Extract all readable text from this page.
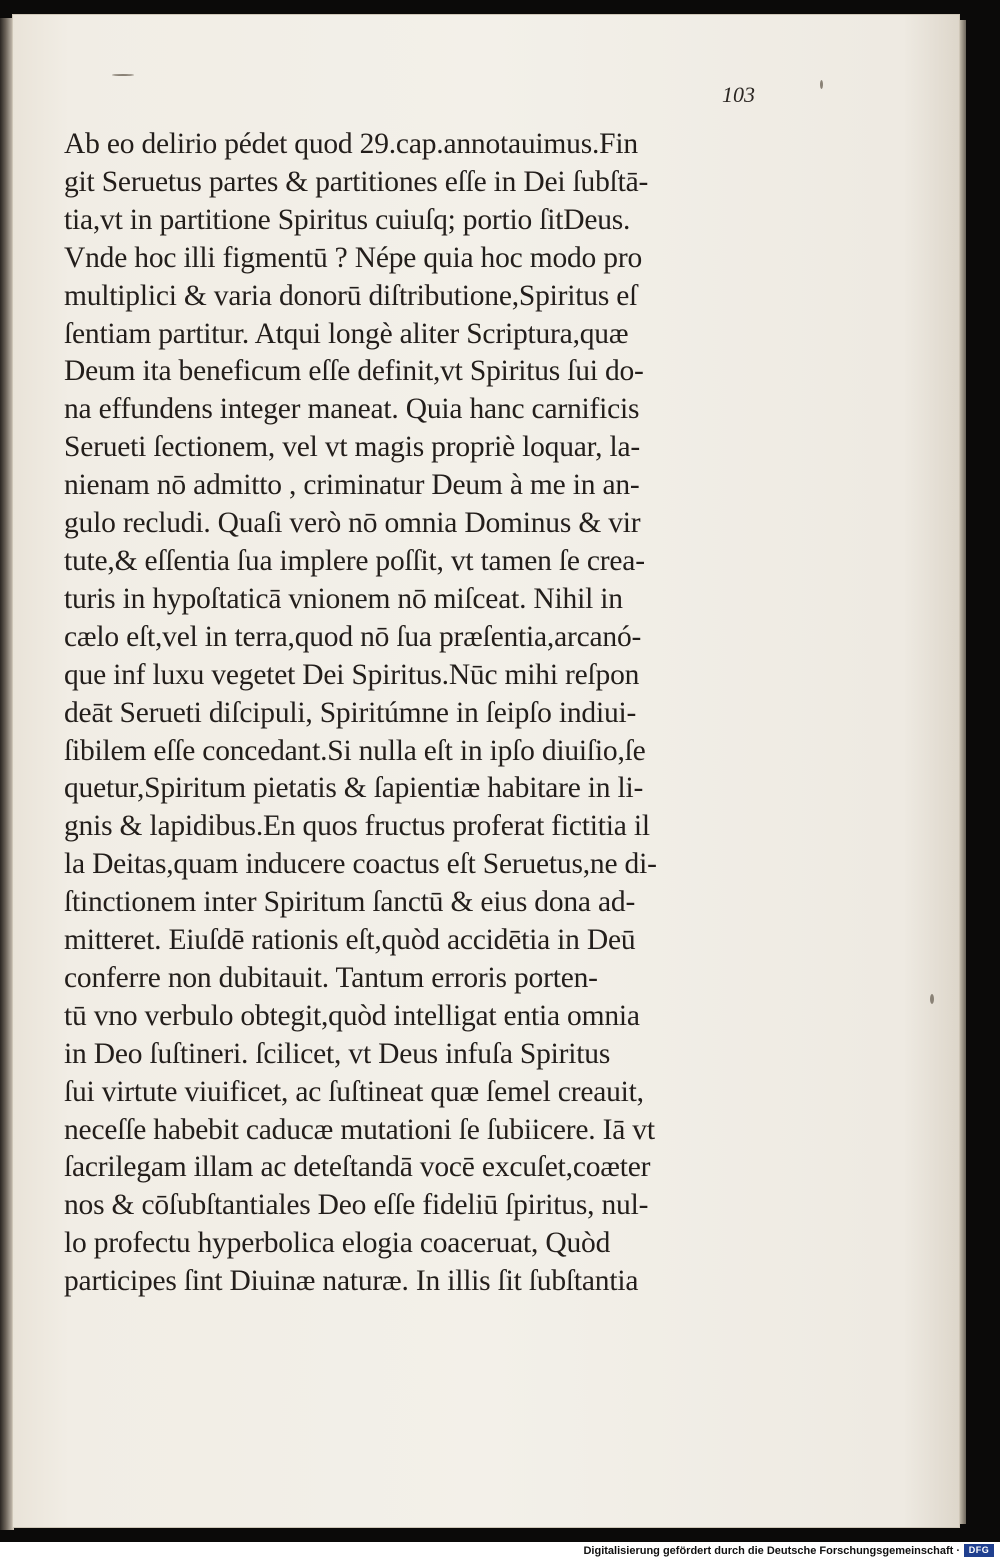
103
Ab eo delirio pédet quod 29.cap.annotauimus.Fin
git Seruetus partes & partitiones eſſe in Dei ſubſtā-
tia,vt in partitione Spiritus cuiuſq; portio ſitDeus.
Vnde hoc illi figmentū ? Népe quia hoc modo pro
multiplici & varia donorū diſtributione,Spiritus eſ
ſentiam partitur. Atqui longè aliter Scriptura,quæ
Deum ita beneficum eſſe definit,vt Spiritus ſui do-
na effundens integer maneat. Quia hanc carnificis
Serueti ſectionem, vel vt magis propriè loquar, la-
nienam nō admitto , criminatur Deum à me in an-
gulo recludi. Quaſi verò nō omnia Dominus & vir
tute,& eſſentia ſua implere poſſit, vt tamen ſe crea-
turis in hypoſtaticā vnionem nō miſceat. Nihil in
cælo eſt,vel in terra,quod nō ſua præſentia,arcanó-
que inf luxu vegetet Dei Spiritus.Nūc mihi reſpon
deāt Serueti diſcipuli, Spiritúmne in ſeipſo indiui-
ſibilem eſſe concedant.Si nulla eſt in ipſo diuiſio,ſe
quetur,Spiritum pietatis & ſapientiæ habitare in li-
gnis & lapidibus.En quos fructus proferat fictitia il
la Deitas,quam inducere coactus eſt Seruetus,ne di-
ſtinctionem inter Spiritum ſanctū & eius dona ad-
mitteret. Eiuſdē rationis eſt,quòd accidētia in Deū
conferre non dubitauit. Tantum erroris porten-
tū vno verbulo obtegit,quòd intelligat entia omnia
in Deo ſuſtineri. ſcilicet, vt Deus infuſa Spiritus
ſui virtute viuificet, ac ſuſtineat quæ ſemel creauit,
neceſſe habebit caducæ mutationi ſe ſubiicere. Iā vt
ſacrilegam illam ac deteſtandā vocē excuſet,coæter
nos & cōſubſtantiales Deo eſſe fideliū ſpiritus, nul-
lo profectu hyperbolica elogia coaceruat, Quòd
participes ſint Diuinæ naturæ. In illis ſit ſubſtantia
Digitalisierung gefördert durch die Deutsche Forschungsgemeinschaft · DFG
